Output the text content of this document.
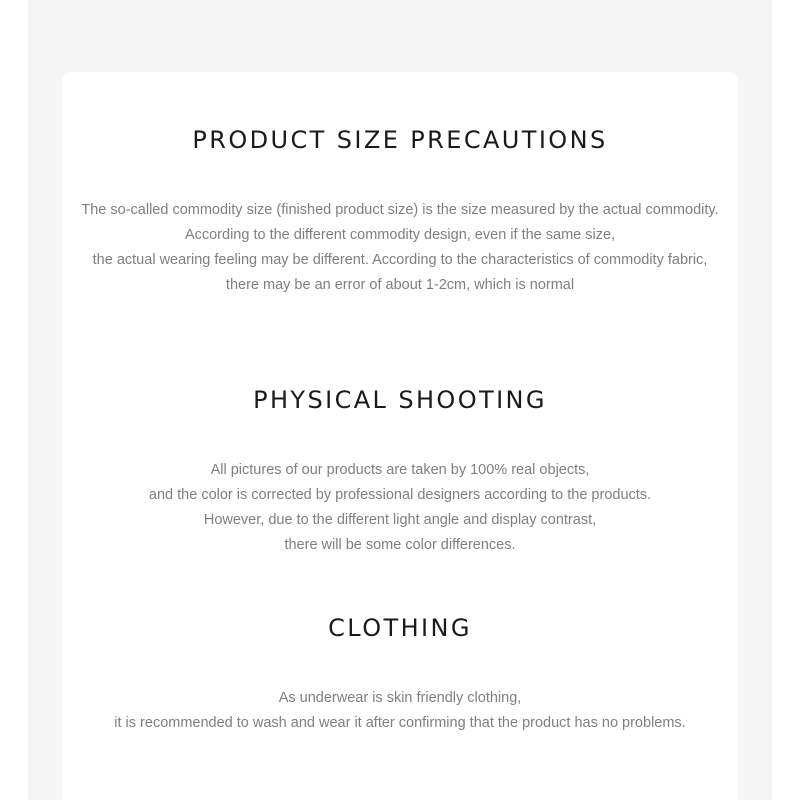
PRODUCT SIZE PRECAUTIONS
The so-called commodity size (finished product size) is the size measured by the actual commodity.
According to the different commodity design, even if the same size,
the actual wearing feeling may be different. According to the characteristics of commodity fabric,
there may be an error of about 1-2cm, which is normal
PHYSICAL SHOOTING
All pictures of our products are taken by 100% real objects,
and the color is corrected by professional designers according to the products.
However, due to the different light angle and display contrast,
there will be some color differences.
CLOTHING
As underwear is skin friendly clothing,
it is recommended to wash and wear it after confirming that the product has no problems.
